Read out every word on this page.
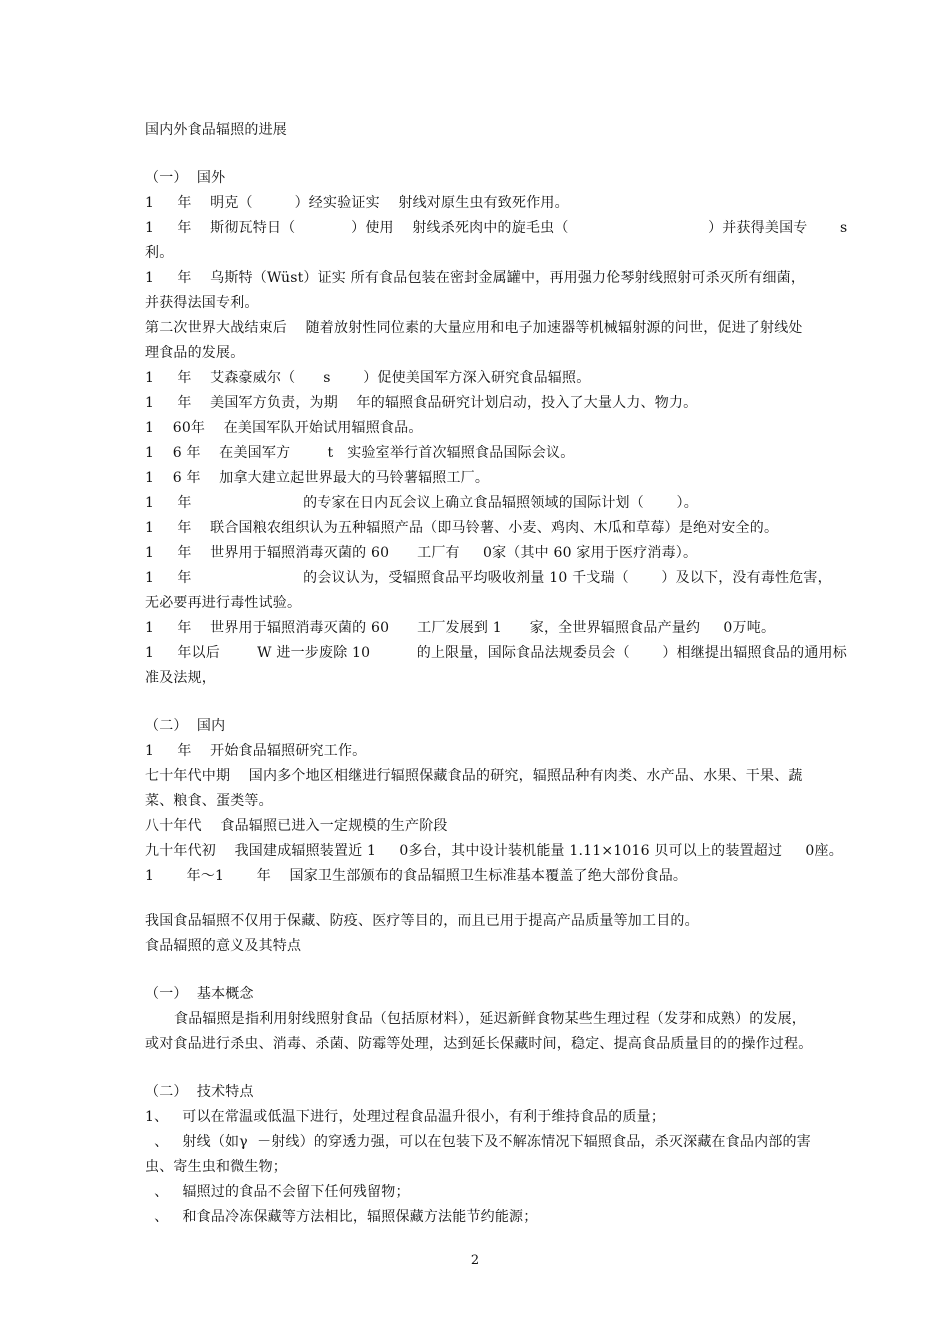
国内外食品辐照的进展
（一）  国外
1     年    明克（         ）经实验证实    射线对原生虫有致死作用。
1     年    斯彻瓦特日（            ）使用    射线杀死肉中的旋毛虫（                              ）并获得美国专       s
利。
1     年    乌斯特（Wüst）证实 所有食品包装在密封金属罐中，再用强力伦琴射线照射可杀灭所有细菌，
并获得法国专利。
第二次世界大战结束后    随着放射性同位素的大量应用和电子加速器等机械辐射源的问世，促进了射线处
理食品的发展。
1     年    艾森豪威尔（      s       ）促使美国军方深入研究食品辐照。
1     年    美国军方负责，为期    年的辐照食品研究计划启动，投入了大量人力、物力。
1    60年    在美国军队开始试用辐照食品。
1    6 年    在美国军方        t   实验室举行首次辐照食品国际会议。
1    6 年    加拿大建立起世界最大的马铃薯辐照工厂。
1     年                        的专家在日内瓦会议上确立食品辐照领域的国际计划（       ）。
1     年    联合国粮农组织认为五种辐照产品（即马铃薯、小麦、鸡肉、木瓜和草莓）是绝对安全的。
1     年    世界用于辐照消毒灭菌的 60      工厂有     0家（其中 60 家用于医疗消毒）。
1     年                        的会议认为，受辐照食品平均吸收剂量 10 千戈瑞（       ）及以下，没有毒性危害，
无必要再进行毒性试验。
1     年    世界用于辐照消毒灭菌的 60      工厂发展到 1      家，全世界辐照食品产量约     0万吨。
1     年以后        W 进一步废除 10          的上限量，国际食品法规委员会（       ）相继提出辐照食品的通用标
准及法规，
（二）  国内
1     年    开始食品辐照研究工作。
七十年代中期    国内多个地区相继进行辐照保藏食品的研究，辐照品种有肉类、水产品、水果、干果、蔬
菜、粮食、蛋类等。
八十年代    食品辐照已进入一定规模的生产阶段
九十年代初    我国建成辐照装置近 1     0多台，其中设计装机能量 1.11×1016 贝可以上的装置超过     0座。
1       年～1       年    国家卫生部颁布的食品辐照卫生标准基本覆盖了绝大部份食品。
我国食品辐照不仅用于保藏、防疫、医疗等目的，而且已用于提高产品质量等加工目的。
食品辐照的意义及其特点
（一）  基本概念
食品辐照是指利用射线照射食品（包括原材料），延迟新鲜食物某些生理过程（发芽和成熟）的发展，
或对食品进行杀虫、消毒、杀菌、防霉等处理，达到延长保藏时间，稳定、提高食品质量目的的操作过程。
（二）  技术特点
1、   可以在常温或低温下进行，处理过程食品温升很小，有利于维持食品的质量；
、   射线（如γ  －射线）的穿透力强，可以在包装下及不解冻情况下辐照食品，杀灭深藏在食品内部的害
虫、寄生虫和微生物；
、   辐照过的食品不会留下任何残留物；
、   和食品冷冻保藏等方法相比，辐照保藏方法能节约能源；
2
